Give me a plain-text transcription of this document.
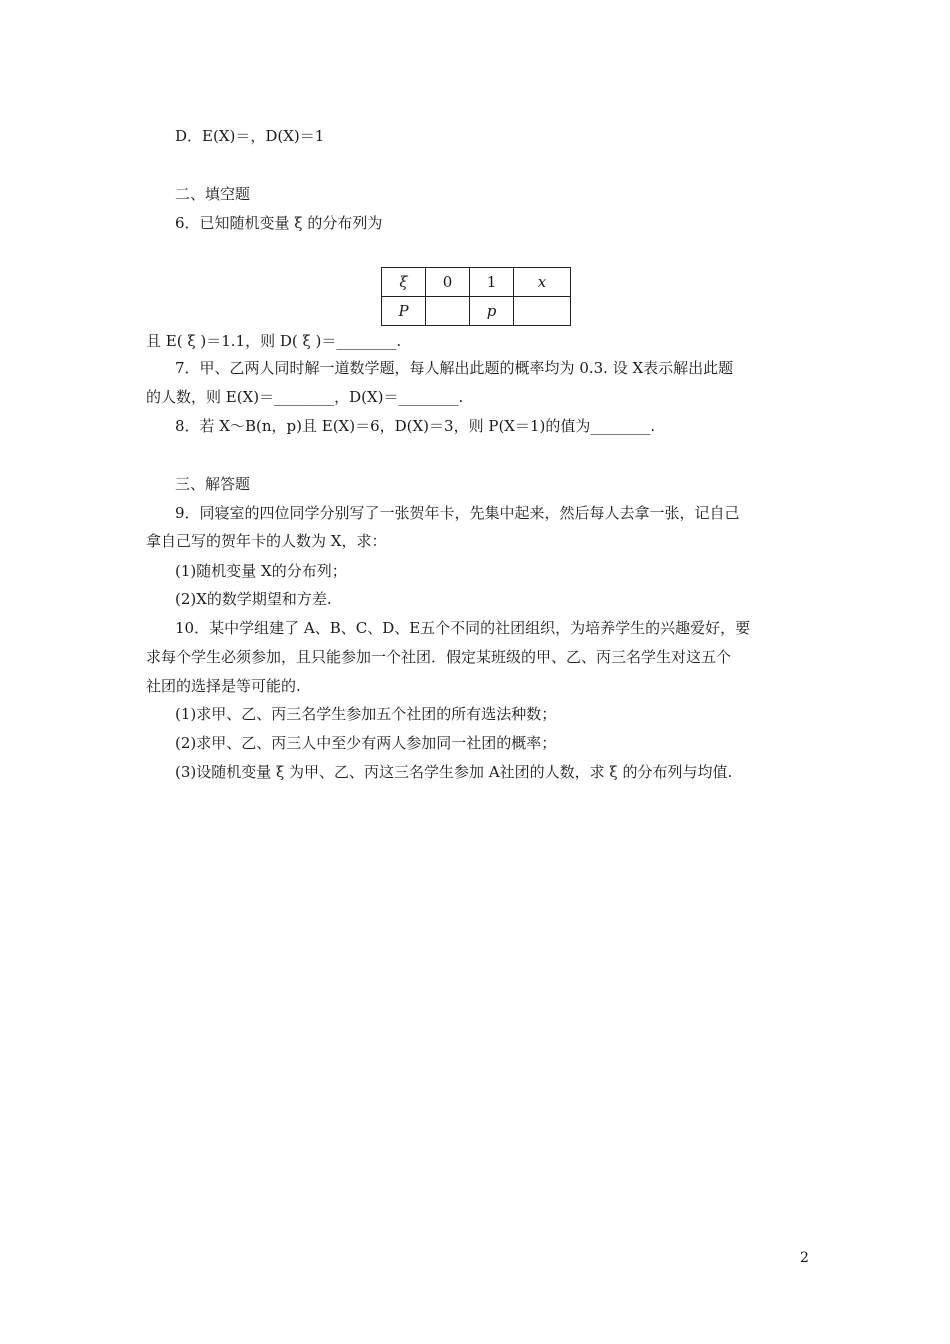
D．E(X)＝，D(X)＝1
二、填空题
6．已知随机变量 ξ 的分布列为
ξ	0	1	x
P		p	
且 E( ξ )＝1.1，则 D( ξ )＝________.
7．甲、乙两人同时解一道数学题，每人解出此题的概率均为 0.3. 设 X表示解出此题
的人数，则 E(X)＝________，D(X)＝________.
8．若 X～B(n，p)且 E(X)＝6，D(X)＝3，则 P(X＝1)的值为________.
三、解答题
9．同寝室的四位同学分别写了一张贺年卡，先集中起来，然后每人去拿一张，记自己
拿自己写的贺年卡的人数为 X，求：
(1)随机变量 X的分布列；
(2)X的数学期望和方差.
10．某中学组建了 A、B、C、D、E五个不同的社团组织，为培养学生的兴趣爱好，要
求每个学生必须参加，且只能参加一个社团．假定某班级的甲、乙、丙三名学生对这五个
社团的选择是等可能的.
(1)求甲、乙、丙三名学生参加五个社团的所有选法种数；
(2)求甲、乙、丙三人中至少有两人参加同一社团的概率；
(3)设随机变量 ξ 为甲、乙、丙这三名学生参加 A社团的人数，求 ξ 的分布列与均值.
2
